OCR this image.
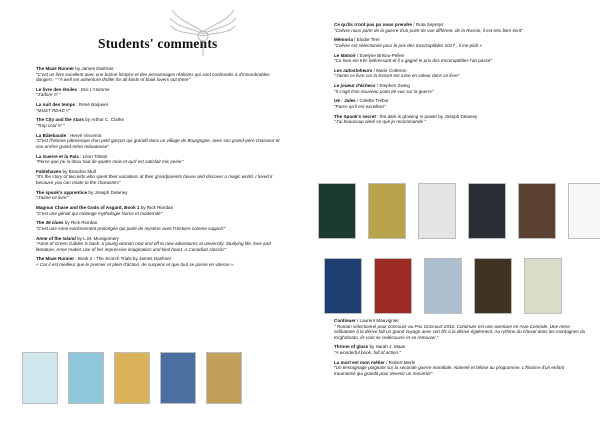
Students' comments
The Maze Runner by James Dashner
"C'est un livre excellent avec une bonne histoire et des personnages réalistes qui sont confrontés à d'innombrables dangers. " "A well set adventure thriller for all kinds of book lovers out there"
Le livre des étoiles : Eric L'Homme
"J'adore !!! "
La nuit des temps : René Barjavel
"MUST READ !!"
The City and the stars by Arthur C. Clarke
"Trop cool !!! "
La Bâtebaude : Hervé Vincenot
"C'est l'histoire pittoresque d'un petit garçon qui grandit dans un village de Bourgogne, avec son grand-père chasseur et son arrière grand-mère rebouteuse"
La Guerre et la Paix : Léon Tolstoï
"Perce que j'ai lu deux tout de quatre mois et qu'il est satisfait mis peine"
Fablehaven by Brandon Mull
"It's the story of two kids who spent their vacations at their grandparents house and discover a magic world. I loved it because you can relate to the characters"
The spook's apprentice by Joseph Delaney
"J'aime ce livre"
Magnus Chase and the Gods of Asgard, Book 1 by Rick Riordan
"C'est une génial qui mélange mythologie Norse et modernité"
The 39 clues by Rick Riordan
"C'est une série extrêmement prolongée qui parle de mystère avec l'Histoire comme support"
Anne of the Island by L.M. Montgomery
"Anne of Green Gables is back: a young woman now and off to new adventures at university. Studying life, love and literature, Anne makes use of her impressive imagination and kind heart. A Canadian classic!"
The Maze Runner : Book 2 : The Scorch Trials by James Dashner
« Car il est meilleur que le premier et plein d'action, de suspens et que tout se passe en vitesse »
Ce qu'ils n'ont pas pu nous prendre / Ruta Sepetys
"Celivre nous parle de la guerre d'un point de vue différent, de la Russie, il est très bien écrit"
Mémoria / Elodie Tirel
"Celivre est sélectionné pour le prix des Incorruptibles 2017 ; il me plaît »
Le Manoir / Evelyne Brisou-Pellen
"Ce livre est très intéressant et il a gagné le prix des Incorruptibles l'an passé"
Les autostoheurs / Marie Cotteron
"J'aime ce livre car la lecture est mise en valeur dans ce livre"
Le joueur d'échecs / Stephen Zweig
"Il s'agit d'un nouveau point de vue sur la guerre"
Ué : Jules / Colette Trébor
"Parce qu'il est excellent"
The Spook's secret : the dark is growing in power by Joseph Delaney
"J'ai beaucoup aimé ce que je recommande "
Continuer / Laurent Mauvignier
" Roman sélectionné pour concourir au Prix Goncourt 2016. Continuer est une aventure en Asie Centrale. Une mère célibataire à la dérive fait un grand voyage avec son fils à la dérive également. Au rythme du cheval dans les montagnes du Kirghizistan, ils vont se redécouvrir et se retrouver."
Throne of glass by Sarah J. Maas
"A wonderful book, full of action."
La mort est mon métier / Robert Merle
"Un témoignage poignant sur la seconde guerre mondiale. Naïveté et bêtise au programme. L'histoire d'un enfant traumatisé qui grandit pour devenir un meurtrier"
